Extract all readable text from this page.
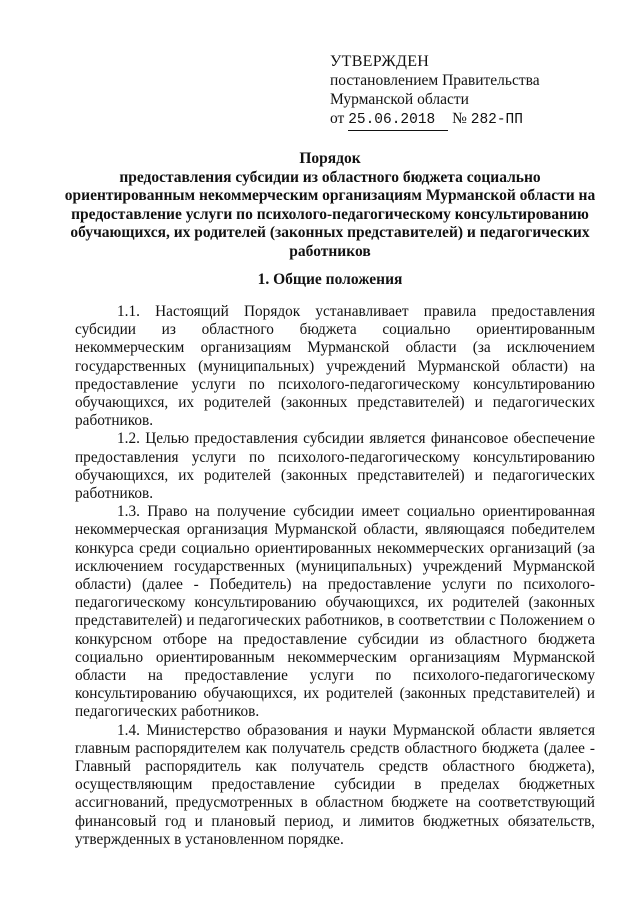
УТВЕРЖДЕН
постановлением Правительства
Мурманской области
от 25.06.2018 № 282-ПП
Порядок
предоставления субсидии из областного бюджета социально ориентированным некоммерческим организациям Мурманской области на предоставление услуги по психолого-педагогическому консультированию обучающихся, их родителей (законных представителей) и педагогических работников
1. Общие положения

1.1. Настоящий Порядок устанавливает правила предоставления субсидии из областного бюджета социально ориентированным некоммерческим организациям Мурманской области (за исключением государственных (муниципальных) учреждений Мурманской области) на предоставление услуги по психолого-педагогическому консультированию обучающихся, их родителей (законных представителей) и педагогических работников.

1.2. Целью предоставления субсидии является финансовое обеспечение предоставления услуги по психолого-педагогическому консультированию обучающихся, их родителей (законных представителей) и педагогических работников.

1.3. Право на получение субсидии имеет социально ориентированная некоммерческая организация Мурманской области, являющаяся победителем конкурса среди социально ориентированных некоммерческих организаций (за исключением государственных (муниципальных) учреждений Мурманской области) (далее - Победитель) на предоставление услуги по психолого-педагогическому консультированию обучающихся, их родителей (законных представителей) и педагогических работников, в соответствии с Положением о конкурсном отборе на предоставление субсидии из областного бюджета социально ориентированным некоммерческим организациям Мурманской области на предоставление услуги по психолого-педагогическому консультированию обучающихся, их родителей (законных представителей) и педагогических работников.

1.4. Министерство образования и науки Мурманской области является главным распорядителем как получатель средств областного бюджета (далее - Главный распорядитель как получатель средств областного бюджета), осуществляющим предоставление субсидии в пределах бюджетных ассигнований, предусмотренных в областном бюджете на соответствующий финансовый год и плановый период, и лимитов бюджетных обязательств, утвержденных в установленном порядке.
